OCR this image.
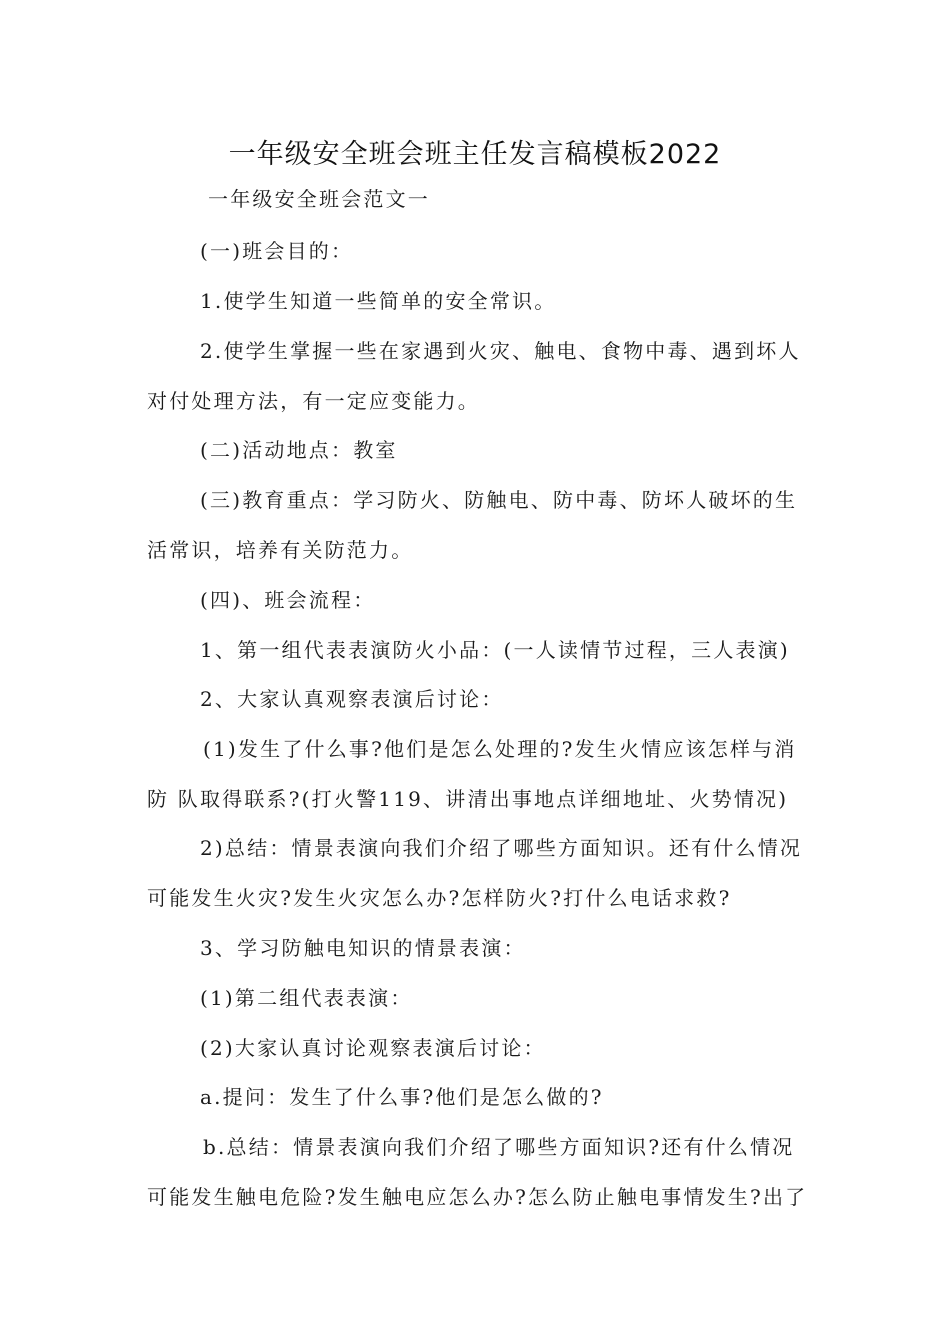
一年级安全班会班主任发言稿模板2022
一年级安全班会范文一
(一)班会目的：
1.使学生知道一些简单的安全常识。
2.使学生掌握一些在家遇到火灾、触电、食物中毒、遇到坏人
对付处理方法，有一定应变能力。
(二)活动地点：教室
(三)教育重点：学习防火、防触电、防中毒、防坏人破坏的生
活常识，培养有关防范力。
(四)、班会流程：
1、第一组代表表演防火小品：(一人读情节过程，三人表演)
2、大家认真观察表演后讨论：
(1)发生了什么事?他们是怎么处理的?发生火情应该怎样与消
防 队取得联系?(打火警119、讲清出事地点详细地址、火势情况)
2)总结：情景表演向我们介绍了哪些方面知识。还有什么情况
可能发生火灾?发生火灾怎么办?怎样防火?打什么电话求救?
3、学习防触电知识的情景表演：
(1)第二组代表表演：
(2)大家认真讨论观察表演后讨论：
a.提问：发生了什么事?他们是怎么做的?
b.总结：情景表演向我们介绍了哪些方面知识?还有什么情况
可能发生触电危险?发生触电应怎么办?怎么防止触电事情发生?出了
